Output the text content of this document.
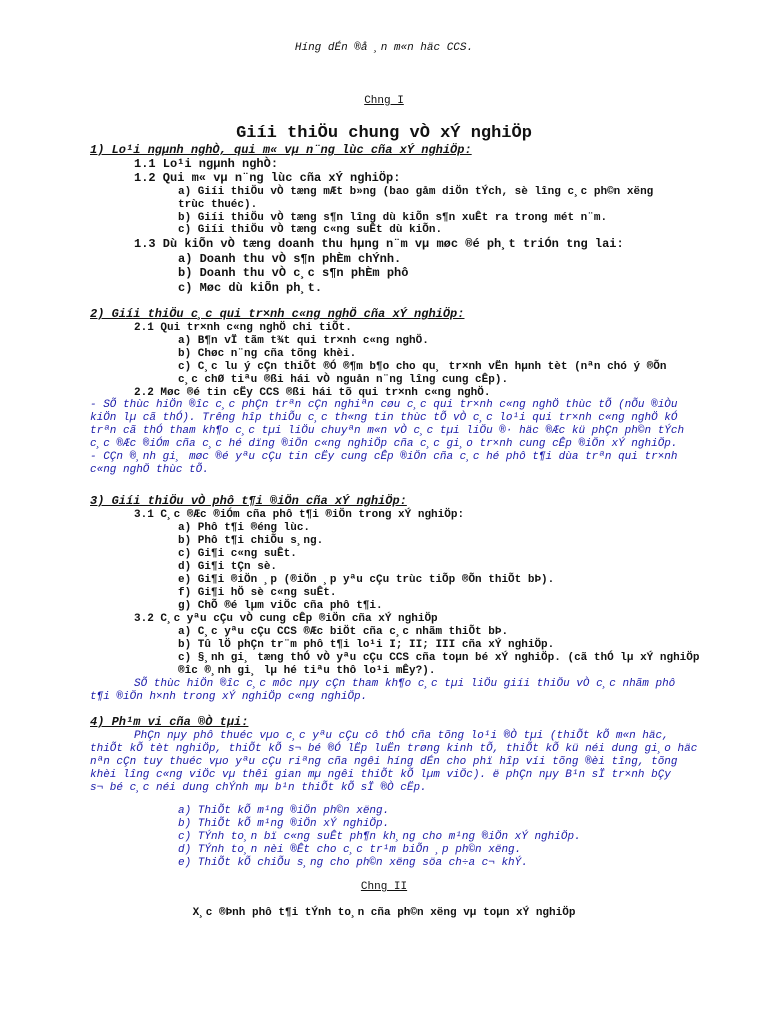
Híng dÉn ®å ¸n m«n häc CCS.
Chng I
Giíi thiÖu chung vÒ xÝ nghiÖp
1) Lo¹i ngµnh nghÒ, qui m« vµ n¨ng lùc cña xÝ nghiÖp:
1.1 Lo¹i ngµnh nghÒ:
1.2 Qui m« vµ n¨ng lùc cña xÝ nghiÖp:
a) Giíi thiÖu vÒ tæng mÆt b»ng (bao gåm diÖn tÝch, sè lîng c¸c ph©n xëng
trùc thuéc).
b) Giíi thiÖu vÒ tæng s¶n lîng dù kiÕn s¶n xuÊt ra trong mét n¨m.
c) Giíi thiÖu vÒ tæng c«ng suÊt dù kiÕn.
1.3 Dù kiÕn vÒ tæng doanh thu hµng n¨m vµ møc ®é ph¸t triÓn tng lai:
a) Doanh thu vÒ s¶n phÈm chÝnh.
b) Doanh thu vÒ c¸c s¶n phÈm phô
c) Møc dù kiÕn ph¸t.
2) Giíi thiÖu c¸c qui tr×nh c«ng nghÖ cña xÝ nghiÖp:
2.1 Qui tr×nh c«ng nghÖ chi tiÕt.
a) B¶n vÏ tãm t¾t qui tr×nh c«ng nghÖ.
b) Chøc n¨ng cña tõng khèi.
c) C¸c lu ý cÇn thiÕt ®Ó ®¶m b¶o cho qu¸ tr×nh vËn hµnh tèt (nªn chó ý ®Õn
c¸c chØ tiªu ®ßi hái vÒ nguån n¨ng lîng cung cÊp).
2.2 Møc ®é tin cËy CCS ®ßi hái tõ qui tr×nh c«ng nghÖ.
- SÕ thùc hiÖn ®îc c¸c phÇn trªn cÇn nghiªn cøu c¸c qui tr×nh c«ng nghÖ thùc tÕ (nÕu ®iÒu
kiÖn lµ cã thÓ). Trêng hîp thiÕu c¸c th«ng tin thùc tÕ vÒ c¸c lo¹i qui tr×nh c«ng nghÖ kÓ
trªn cã thÓ tham kh¶o c¸c tµi liÖu chuyªn m«n vÒ c¸c tµi liÖu ®· häc ®Æc kü phÇn ph©n tÝch
c¸c ®Æc ®iÓm cña c¸c hé dïng ®iÖn c«ng nghiÖp cña c¸c gi¸o tr×nh cung cÊp ®iÖn xÝ nghiÖp.
- CÇn ®¸nh gi¸ møc ®é yªu cÇu tin cËy cung cÊp ®iÖn cña c¸c hé phô t¶i dùa trªn qui tr×nh
c«ng nghÖ thùc tÕ.
3) Giíi thiÖu vÒ phô t¶i ®iÖn cña xÝ nghiÖp:
3.1 C¸c ®Æc ®iÓm cña phô t¶i ®iÖn trong xÝ nghiÖp:
a) Phô t¶i ®éng lùc.
b) Phô t¶i chiÕu s¸ng.
c) Gi¶i c«ng suÊt.
d) Gi¶i tÇn sè.
e) Gi¶i ®iÖn ¸p (®iÖn ¸p yªu cÇu trùc tiÕp ®Õn thiÕt bÞ).
f) Gi¶i hÖ sè c«ng suÊt.
g) ChÕ ®é lµm viÖc cña phô t¶i.
3.2 C¸c yªu cÇu vÒ cung cÊp ®iÖn cña xÝ nghiÖp
a) C¸c yªu cÇu CCS ®Æc biÖt cña c¸c nhãm thiÕt bÞ.
b) Tû lÖ phÇn tr¨m phô t¶i lo¹i I; II; III cña xÝ nghiÖp.
c) §¸nh gi¸ tæng thÓ vÒ yªu cÇu CCS cña toµn bé xÝ nghiÖp. (cã thÓ lµ xÝ nghiÖp
®îc ®¸nh gi¸ lµ hé tiªu thô lo¹i mÊy?).
SÕ thùc hiÖn ®îc c¸c môc nµy cÇn tham kh¶o c¸c tµi liÖu giíi thiÖu vÒ c¸c nhãm phô
t¶i ®iÖn h×nh trong xÝ nghiÖp c«ng nghiÖp.
4) Ph¹m vi cña ®Ò tµi:
PhÇn nµy phô thuéc vµo c¸c yªu cÇu cô thÓ cña tõng lo¹i ®Ò tµi (thiÕt kÕ m«n häc,
thiÕt kÕ tèt nghiÖp, thiÕt kÕ s¬ bé ®Ó lËp luËn trøng kinh tÕ, thiÕt kÕ kü néi dung gi¸o häc
nªn cÇn tuy thuéc vµo yªu cÇu riªng cña ngêi híng dÉn cho phï hîp víi tõng ®èi tîng, tõng
khèi lîng c«ng viÖc vµ thêi gian mµ ngêi thiÕt kÕ lµm viÖc). ë phÇn nµy B¹n sÏ tr×nh bÇy
s¬ bé c¸c néi dung chÝnh mµ b¹n thiÕt kÕ sÏ ®Ò cËp.
a) ThiÕt kÕ m¹ng ®iÖn ph©n xëng.
b) ThiÕt kÕ m¹ng ®iÖn xÝ nghiÖp.
c) TÝnh to¸n bï c«ng suÊt ph¶n kh¸ng cho m¹ng ®iÖn xÝ nghiÖp.
d) TÝnh to¸n nèi ®Êt cho c¸c tr¹m biÕn ¸p ph©n xëng.
e) ThiÕt kÕ chiÕu s¸ng cho ph©n xëng söa ch÷a c¬ khÝ.
Chng II
X¸c ®Þnh phô t¶i tÝnh to¸n cña ph©n xëng vµ toµn xÝ nghiÖp
